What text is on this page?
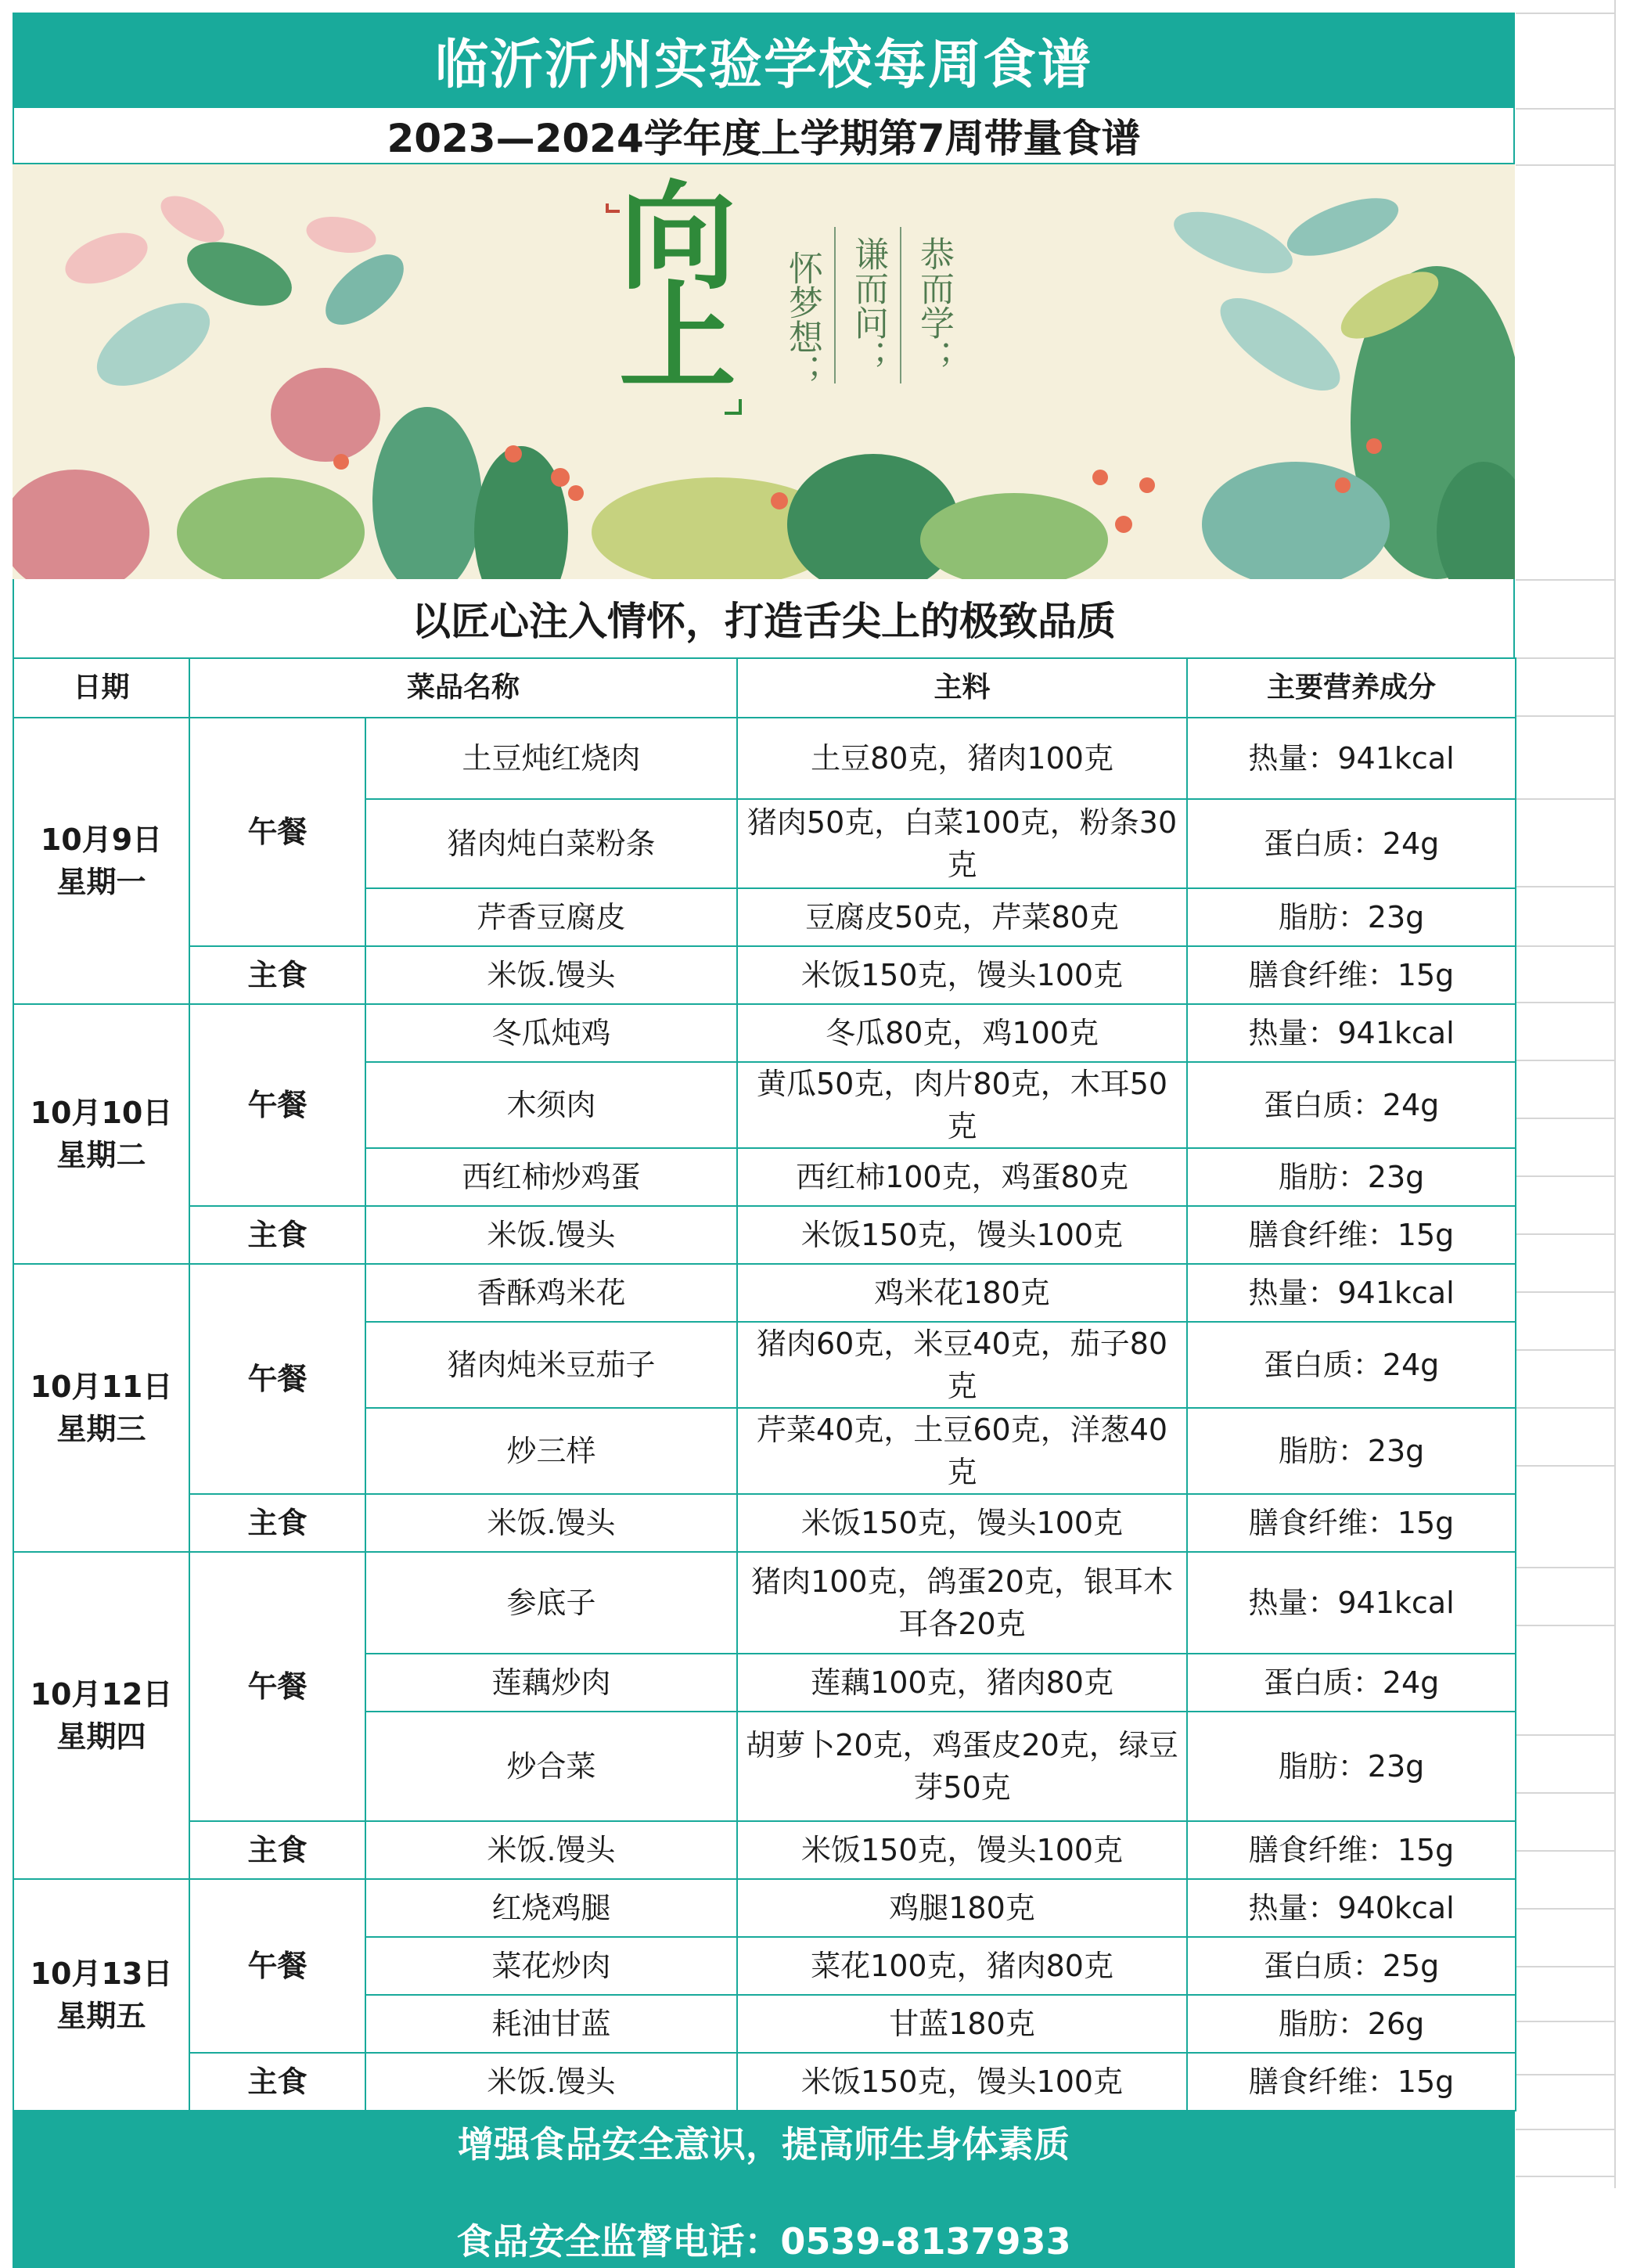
临沂沂州实验学校每周食谱
2023—2024学年度上学期第7周带量食谱
向
上	怀梦想； 谦而问； 恭而学；
以匠心注入情怀，打造舌尖上的极致品质
日期	菜品名称		主料	主要营养成分

10月9日
星期一	午餐	土豆炖红烧肉	土豆80克，猪肉100克	热量：941kcal
		猪肉炖白菜粉条	猪肉50克，白菜100克，粉条30克	蛋白质：24g
		芹香豆腐皮	豆腐皮50克，芹菜80克	脂肪：23g
	主食	米饭.馒头	米饭150克，馒头100克	膳食纤维：15g

10月10日
星期二	午餐	冬瓜炖鸡	冬瓜80克，鸡100克	热量：941kcal
		木须肉	黄瓜50克，肉片80克，木耳50克	蛋白质：24g
		西红柿炒鸡蛋	西红柿100克，鸡蛋80克	脂肪：23g
	主食	米饭.馒头	米饭150克，馒头100克	膳食纤维：15g

10月11日
星期三	午餐	香酥鸡米花	鸡米花180克	热量：941kcal
		猪肉炖米豆茄子	猪肉60克，米豆40克，茄子80克	蛋白质：24g
		炒三样	芹菜40克，土豆60克，洋葱40克	脂肪：23g
	主食	米饭.馒头	米饭150克，馒头100克	膳食纤维：15g

10月12日
星期四	午餐	参底子	猪肉100克，鸽蛋20克，银耳木耳各20克	热量：941kcal
		莲藕炒肉	莲藕100克，猪肉80克	蛋白质：24g
		炒合菜	胡萝卜20克，鸡蛋皮20克，绿豆芽50克	脂肪：23g
	主食	米饭.馒头	米饭150克，馒头100克	膳食纤维：15g

10月13日
星期五	午餐	红烧鸡腿	鸡腿180克	热量：940kcal
		菜花炒肉	菜花100克，猪肉80克	蛋白质：25g
		耗油甘蓝	甘蓝180克	脂肪：26g
	主食	米饭.馒头	米饭150克，馒头100克	膳食纤维：15g
增强食品安全意识，提高师生身体素质
食品安全监督电话：0539-8137933
